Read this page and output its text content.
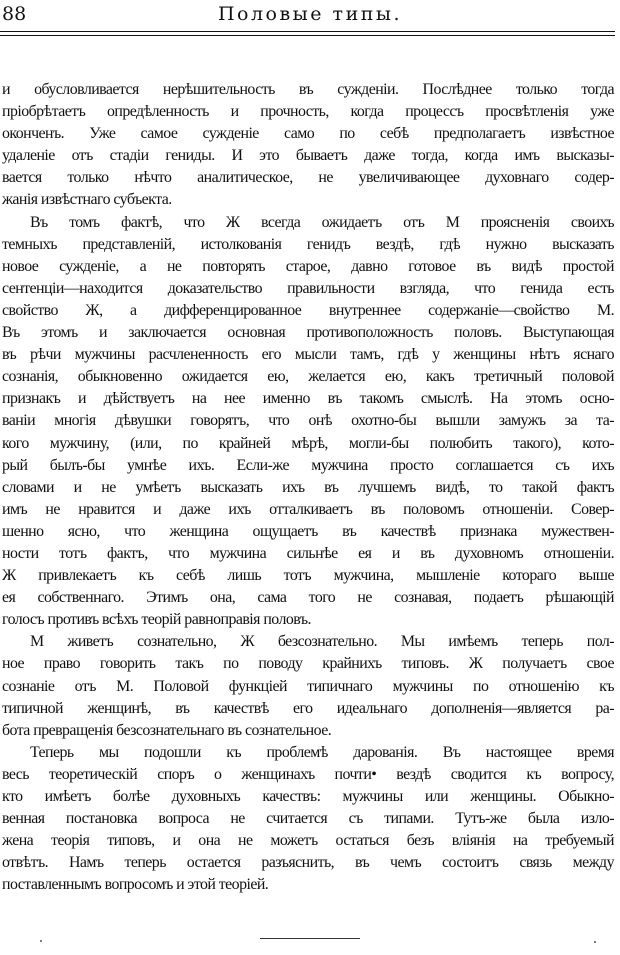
88	Половые типы.
и обусловливается нерѣшительность въ сужденіи. Послѣднее только тогда
пріобрѣтаетъ опредѣленность и прочность, когда процессъ просвѣтленія уже
оконченъ. Уже самое сужденіе само по себѣ предполагаетъ извѣстное
удаленіе отъ стадіи гениды. И это бываетъ даже тогда, когда имъ высказы-
вается только нѣчто аналитическое, не увеличивающее духовнаго содер-
жанія извѣстнаго субъекта.
Въ томъ фактѣ, что Ж всегда ожидаетъ отъ М проясненія своихъ
темныхъ представленій, истолкованія генидъ вездѣ, гдѣ нужно высказать
новое сужденіе, а не повторять старое, давно готовое въ видѣ простой
сентенціи—находится доказательство правильности взгляда, что генида есть
свойство Ж, а дифференцированное внутреннее содержаніе—свойство М.
Въ этомъ и заключается основная противоположность половъ. Выступающая
въ рѣчи мужчины расчлененность его мысли тамъ, гдѣ у женщины нѣтъ яснаго
сознанія, обыкновенно ожидается ею, желается ею, какъ третичный половой
признакъ и дѣйствуетъ на нее именно въ такомъ смыслѣ. На этомъ осно-
ваніи многія дѣвушки говорятъ, что онѣ охотно-бы вышли замужъ за та-
кого мужчину, (или, по крайней мѣрѣ, могли-бы полюбить такого), кото-
рый былъ-бы умнѣе ихъ. Если-же мужчина просто соглашается съ ихъ
словами и не умѣетъ высказать ихъ въ лучшемъ видѣ, то такой фактъ
имъ не нравится и даже ихъ отталкиваетъ въ половомъ отношеніи. Совер-
шенно ясно, что женщина ощущаетъ въ качествѣ признака мужествен-
ности тотъ фактъ, что мужчина сильнѣе ея и въ духовномъ отношеніи.
Ж привлекаетъ къ себѣ лишь тотъ мужчина, мышленіе котораго выше
ея собственнаго. Этимъ она, сама того не сознавая, подаетъ рѣшающій
голосъ противъ всѣхъ теорій равноправія половъ.
М живетъ сознательно, Ж безсознательно. Мы имѣемъ теперь пол-
ное право говорить такъ по поводу крайнихъ типовъ. Ж получаетъ свое
сознаніе отъ М. Половой функціей типичнаго мужчины по отношенію къ
типичной женщинѣ, въ качествѣ его идеальнаго дополненія—является ра-
бота превращенія безсознательнаго въ сознательное.
Теперь мы подошли къ проблемѣ дарованія. Въ настоящее время
весь теоретическій споръ о женщинахъ почти• вездѣ сводится къ вопросу,
кто имѣетъ болѣе духовныхъ качествъ: мужчины или женщины. Обыкно-
венная постановка вопроса не считается съ типами. Тутъ-же была изло-
жена теорія типовъ, и она не можетъ остаться безъ вліянія на требуемый
отвѣтъ. Намъ теперь остается разъяснить, въ чемъ состоитъ связь между
поставленнымъ вопросомъ и этой теоріей.
